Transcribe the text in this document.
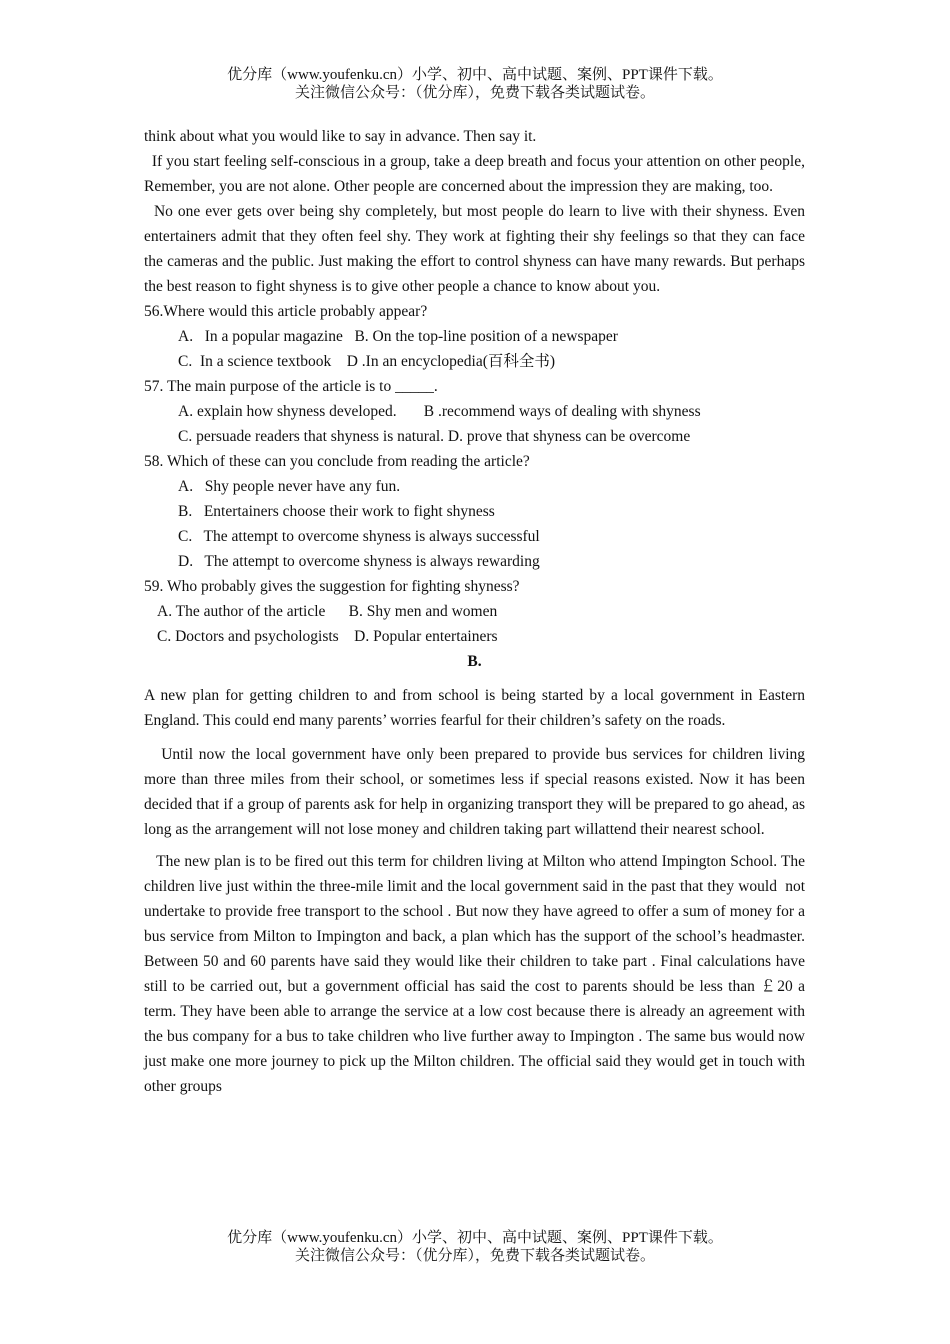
优分库（www.youfenku.cn）小学、初中、高中试题、案例、PPT课件下载。
关注微信公众号：（优分库），免费下载各类试题试卷。

think about what you would like to say in advance. Then say it.

If you start feeling self-conscious in a group, take a deep breath and focus your attention on other people, Remember, you are not alone. Other people are concerned about the impression they are making, too.

No one ever gets over being shy completely, but most people do learn to live with their shyness. Even entertainers admit that they often feel shy. They work at fighting their shy feelings so that they can face the cameras and the public. Just making the effort to control shyness can have many rewards. But perhaps the best reason to fight shyness is to give other people a chance to know about you.

56.Where would this article probably appear?

A.   In a popular magazine   B. On the top-line position of a newspaper

C.  In a science textbook    D .In an encyclopedia(百科全书)

57. The main purpose of the article is to _____.

A. explain how shyness developed.       B .recommend ways of dealing with shyness

C. persuade readers that shyness is natural. D. prove that shyness can be overcome

58. Which of these can you conclude from reading the article?

A.   Shy people never have any fun.

B.   Entertainers choose their work to fight shyness

C.   The attempt to overcome shyness is always successful

D.   The attempt to overcome shyness is always rewarding

59. Who probably gives the suggestion for fighting shyness?

A. The author of the article      B. Shy men and women

C. Doctors and psychologists    D. Popular entertainers

B.

A new plan for getting children to and from school is being started by a local government in Eastern England. This could end many parents’ worries fearful for their children’s safety on the roads.

Until now the local government have only been prepared to provide bus services for children living more than three miles from their school, or sometimes less if special reasons existed. Now it has been decided that if a group of parents ask for help in organizing transport they will be prepared to go ahead, as long as the arrangement will not lose money and children taking part willattend their nearest school.

The new plan is to be fired out this term for children living at Milton who attend Impington School. The children live just within the three-mile limit and the local government said in the past that they would  not undertake to provide free transport to the school . But now they have agreed to offer a sum of money for a bus service from Milton to Impington and back, a plan which has the support of the school’s headmaster. Between 50 and 60 parents have said they would like their children to take part . Final calculations have still to be carried out, but a government official has said the cost to parents should be less than ￡20 a term. They have been able to arrange the service at a low cost because there is already an agreement with the bus company for a bus to take children who live further away to Impington . The same bus would now just make one more journey to pick up the Milton children. The official said they would get in touch with other groups

优分库（www.youfenku.cn）小学、初中、高中试题、案例、PPT课件下载。
关注微信公众号：（优分库），免费下载各类试题试卷。
